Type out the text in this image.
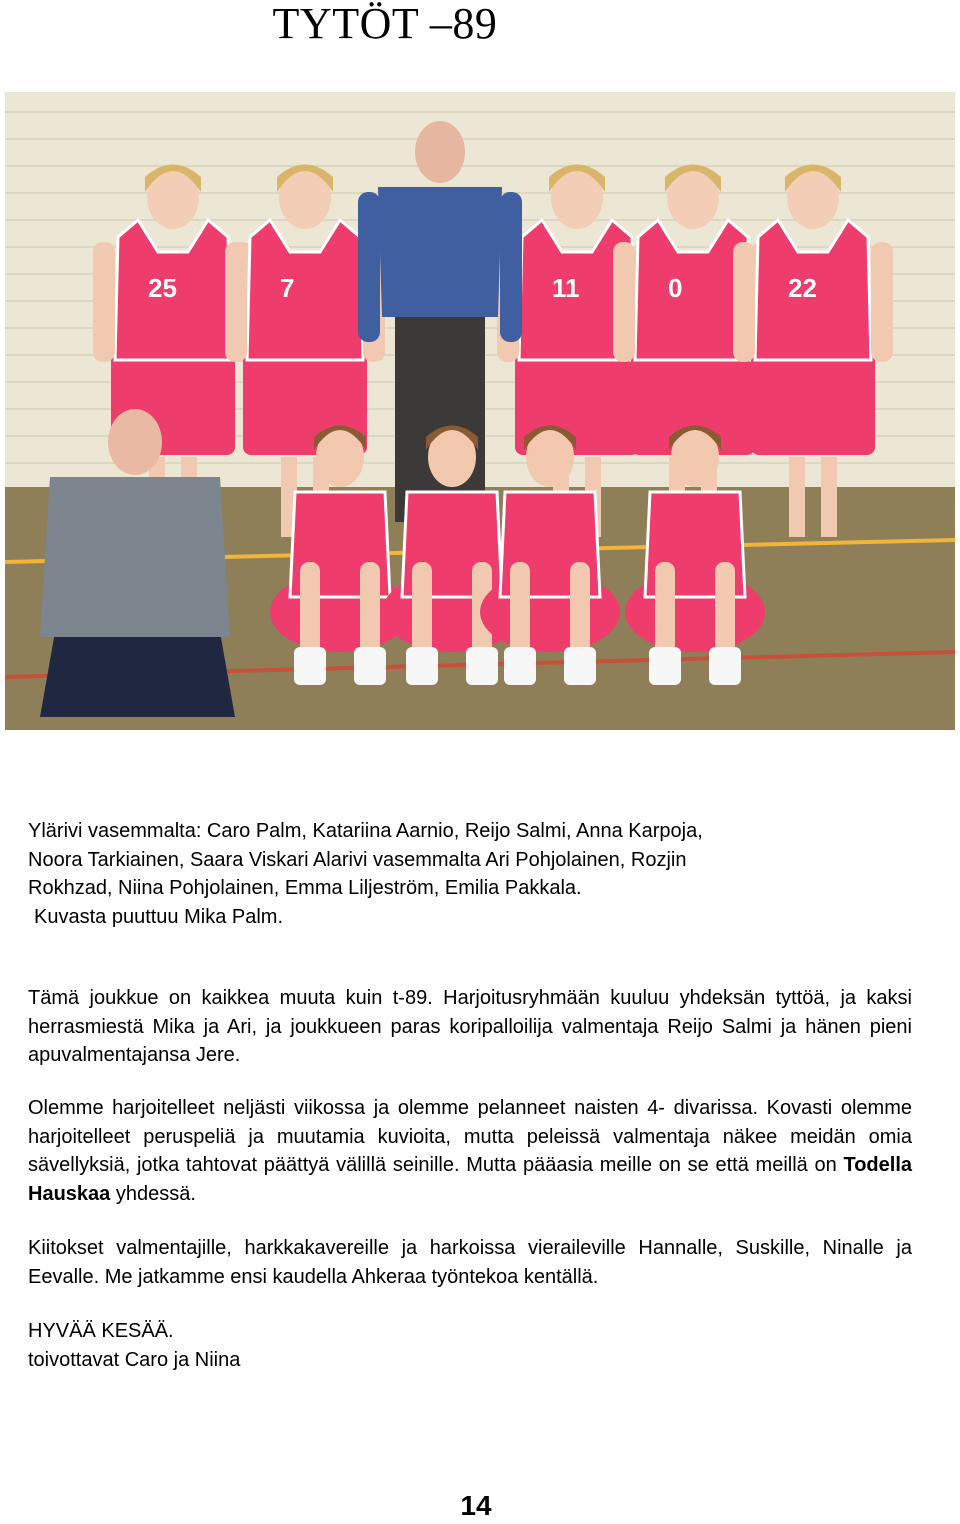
TYTÖT –89
25	7	11	0	22

Ylärivi vasemmalta: Caro Palm, Katariina Aarnio, Reijo Salmi, Anna Karpoja,
Noora Tarkiainen, Saara Viskari Alarivi vasemmalta Ari Pohjolainen, Rozjin
Rokhzad, Niina Pohjolainen, Emma Liljeström, Emilia Pakkala.
Kuvasta puuttuu Mika Palm.

Tämä joukkue on kaikkea muuta kuin t-89. Harjoitusryhmään kuuluu yhdeksän tyttöä, ja kaksi herrasmiestä Mika ja Ari, ja joukkueen paras koripalloilija valmentaja Reijo Salmi ja hänen pieni apuvalmentajansa Jere.

Olemme harjoitelleet neljästi viikossa ja olemme pelanneet naisten 4- divarissa. Kovasti olemme harjoitelleet peruspeliä ja muutamia kuvioita, mutta peleissä valmentaja näkee meidän omia sävellyksiä, jotka tahtovat päättyä välillä seinille. Mutta pääasia meille on se että meillä on Todella Hauskaa yhdessä.

Kiitokset valmentajille, harkkakavereille ja harkoissa vieraileville Hannalle, Suskille, Ninalle ja Eevalle. Me jatkamme ensi kaudella Ahkeraa työntekoa kentällä.

HYVÄÄ KESÄÄ.
toivottavat Caro ja Niina

14
